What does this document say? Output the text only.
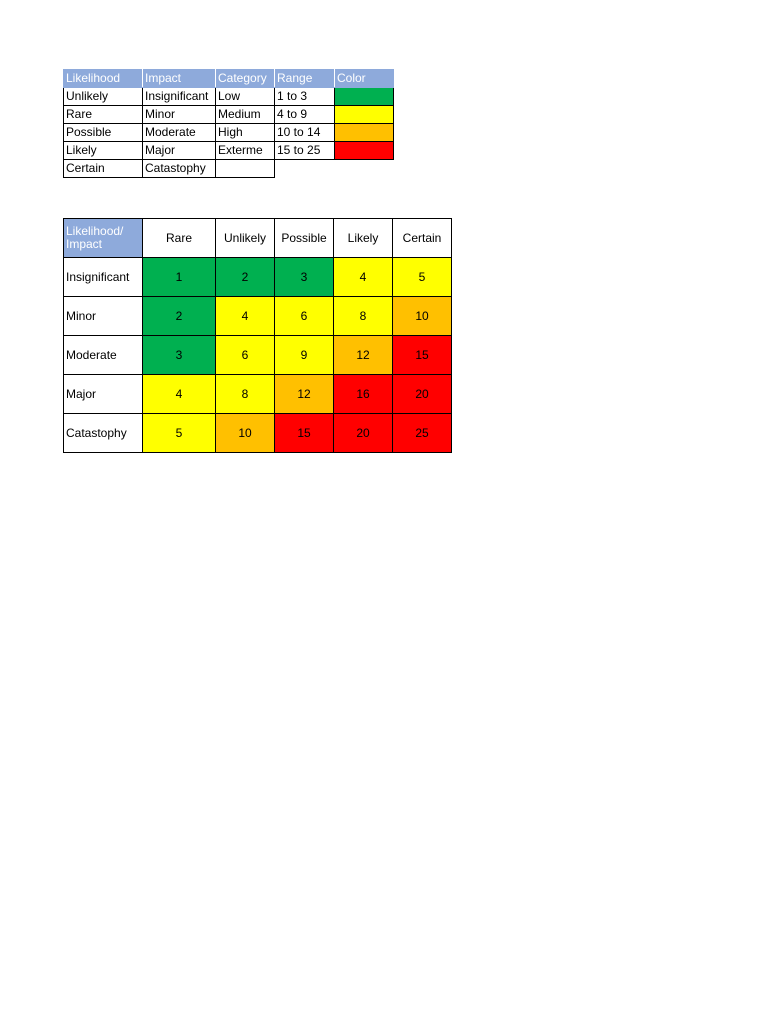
Likelihood	Impact	Category	Range	Color
Unlikely	Insignificant	Low	1 to 3	
Rare	Minor	Medium	4 to 9	
Possible	Moderate	High	10 to 14	
Likely	Major	Exterme	15 to 25	
Certain	Catastophy			
Likelihood/ Impact	Rare	Unlikely	Possible	Likely	Certain
Insignificant	1	2	3	4	5
Minor	2	4	6	8	10
Moderate	3	6	9	12	15
Major	4	8	12	16	20
Catastophy	5	10	15	20	25
